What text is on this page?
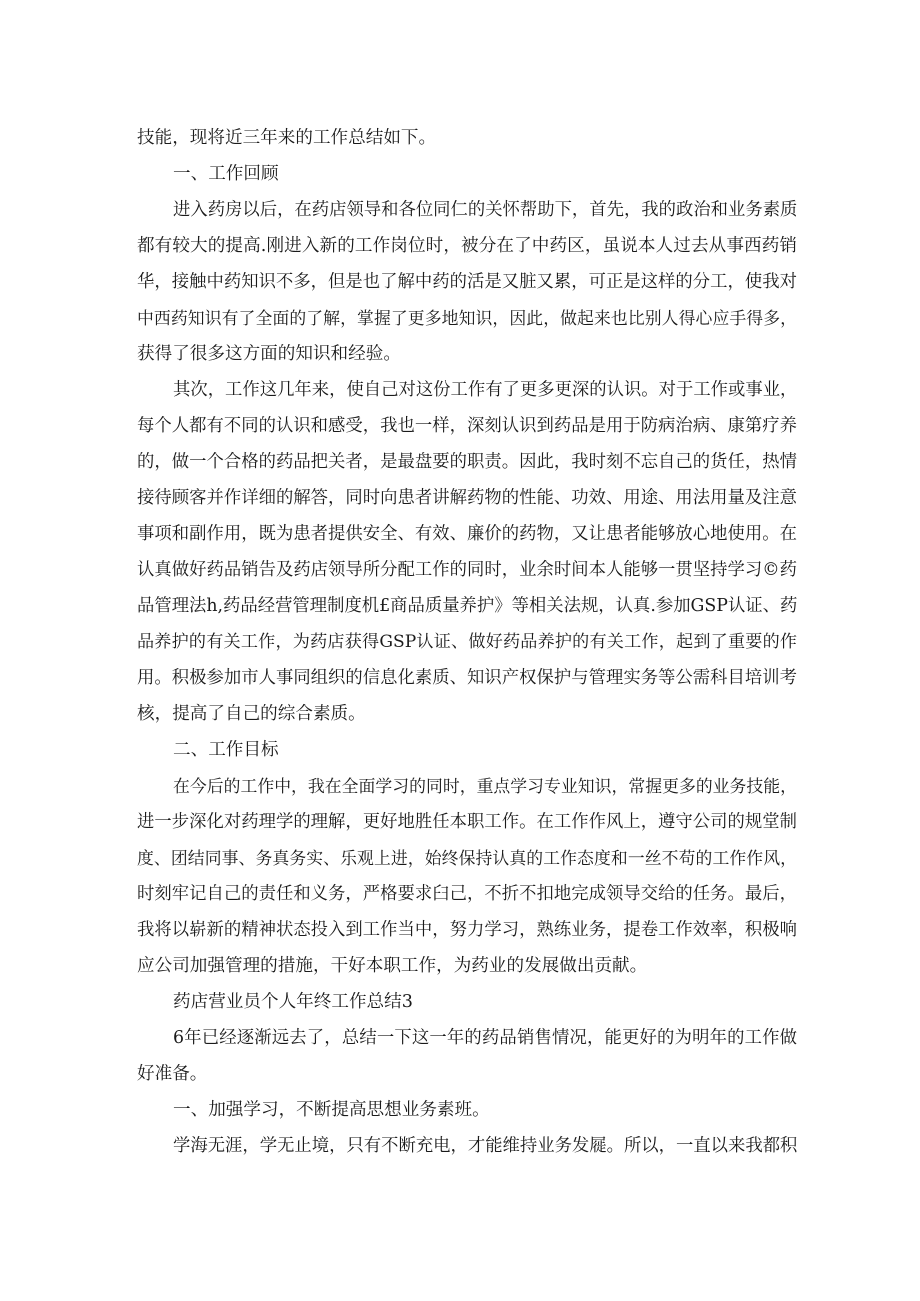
技能，现将近三年来的工作总结如下。
一、工作回顾
进入药房以后，在药店领导和各位同仁的关怀帮助下，首先，我的政治和业务素质
都有较大的提高.刚进入新的工作岗位时，被分在了中药区，虽说本人过去从事西药销
华，接触中药知识不多，但是也了解中药的活是又脏又累，可正是这样的分工，使我对
中西药知识有了全面的了解，掌握了更多地知识，因此，做起来也比别人得心应手得多，
获得了很多这方面的知识和经验。
其次，工作这几年来，使自己对这份工作有了更多更深的认识。对于工作或事业，
每个人都有不同的认识和感受，我也一样，深刻认识到药品是用于防病治病、康第疗养
的，做一个合格的药品把关者，是最盘要的职责。因此，我时刻不忘自己的货任，热情
接待顾客并作详细的解答，同时向患者讲解药物的性能、功效、用途、用法用量及注意
事项和副作用，既为患者提供安全、有效、廉价的药物，又让患者能够放心地使用。在
认真做好药品销告及药店领导所分配工作的同时，业余时间本人能够一贯坚持学习©药
品管理法h,药品经营管理制度机£商品质量养护》等相关法规，认真.参加GSP认证、药
品养护的有关工作，为药店获得GSP认证、做好药品养护的有关工作，起到了重要的作
用。积极参加市人事同组织的信息化素质、知识产权保护与管理实务等公需科目培训考
核，提高了自己的综合素质。
二、工作目标
在今后的工作中，我在全面学习的同时，重点学习专业知识，常握更多的业务技能，
进一步深化对药理学的理解，更好地胜任本职工作。在工作作风上，遵守公司的规堂制
度、团结同事、务真务实、乐观上进，始终保持认真的工作态度和一丝不苟的工作作风，
时刻牢记自己的责任和义务，严格要求臼己，不折不扣地完成领导交给的任务。最后，
我将以崭新的精神状态投入到工作当中，努力学习，熟练业务，提卷工作效率，积极响
应公司加强管理的措施，干好本职工作，为药业的发展做出贡献。
药店营业员个人年终工作总结3
6年已经逐渐远去了，总结一下这一年的药品销售情况，能更好的为明年的工作做
好准备。
一、加强学习，不断提高思想业务素班。
学海无涯，学无止境，只有不断充电，才能维持业务发屣。所以，一直以来我都积
